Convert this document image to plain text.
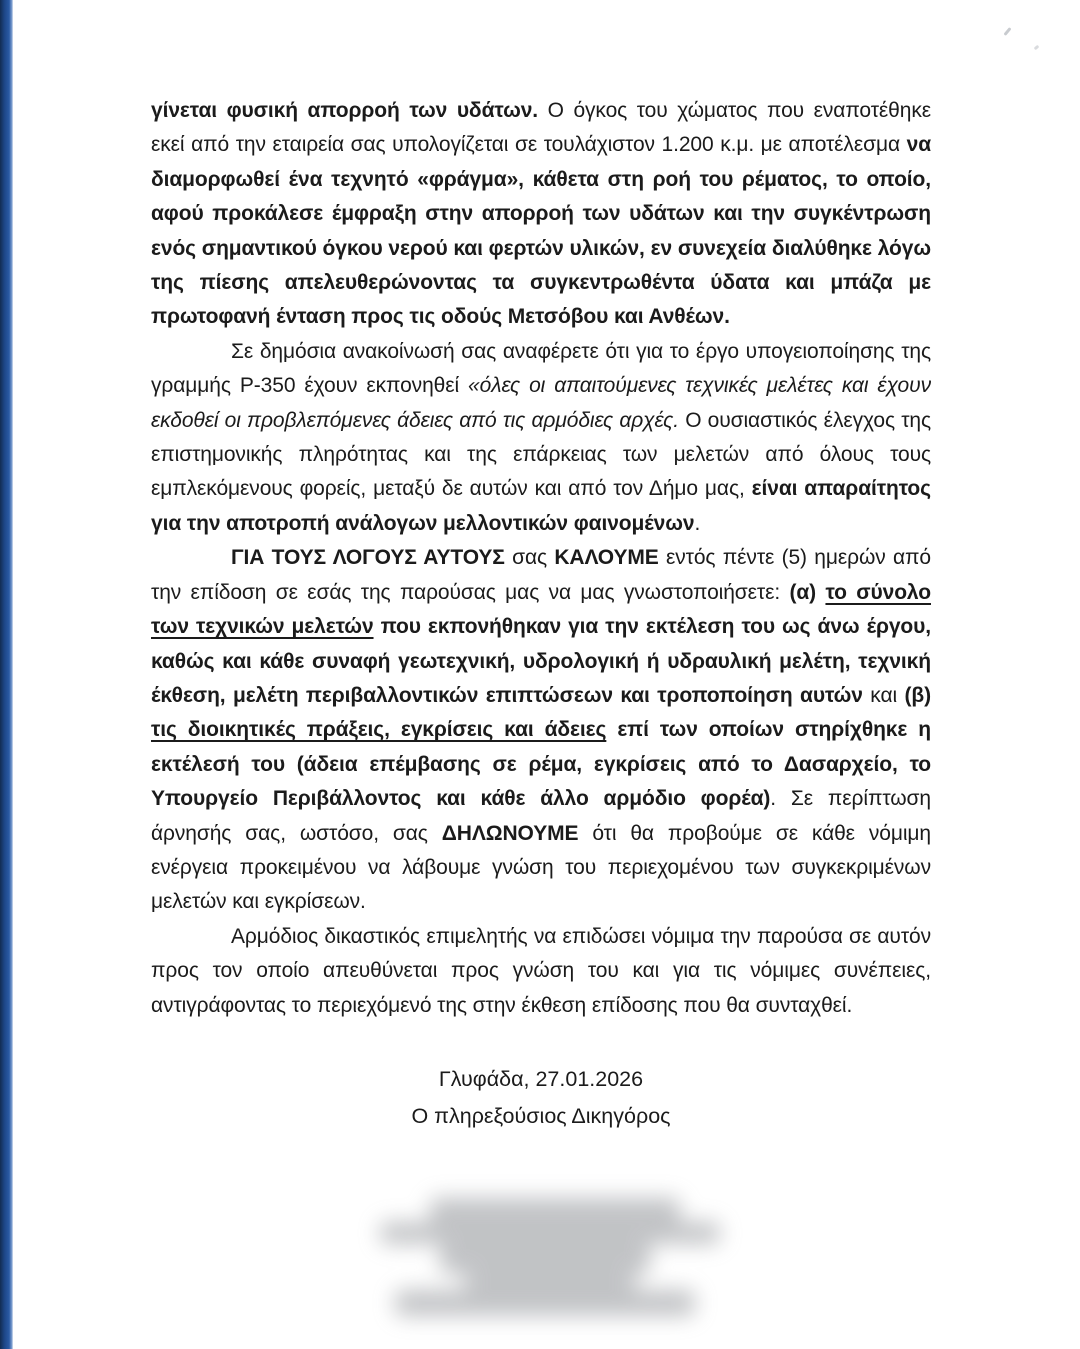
γίνεται φυσική απορροή των υδάτων. Ο όγκος του χώματος που εναποτέθηκε εκεί από την εταιρεία σας υπολογίζεται σε τουλάχιστον 1.200 κ.μ. με αποτέλεσμα να διαμορφωθεί ένα τεχνητό «φράγμα», κάθετα στη ροή του ρέματος, το οποίο, αφού προκάλεσε έμφραξη στην απορροή των υδάτων και την συγκέντρωση ενός σημαντικού όγκου νερού και φερτών υλικών, εν συνεχεία διαλύθηκε λόγω της πίεσης απελευθερώνοντας τα συγκεντρωθέντα ύδατα και μπάζα με πρωτοφανή ένταση προς τις οδούς Μετσόβου και Ανθέων.

Σε δημόσια ανακοίνωσή σας αναφέρετε ότι για το έργο υπογειοποίησης της γραμμής Ρ-350 έχουν εκπονηθεί «όλες οι απαιτούμενες τεχνικές μελέτες και έχουν εκδοθεί οι προβλεπόμενες άδειες από τις αρμόδιες αρχές. Ο ουσιαστικός έλεγχος της επιστημονικής πληρότητας και της επάρκειας των μελετών από όλους τους εμπλεκόμενους φορείς, μεταξύ δε αυτών και από τον Δήμο μας, είναι απαραίτητος για την αποτροπή ανάλογων μελλοντικών φαινομένων.

ΓΙΑ ΤΟΥΣ ΛΟΓΟΥΣ ΑΥΤΟΥΣ σας ΚΑΛΟΥΜΕ εντός πέντε (5) ημερών από την επίδοση σε εσάς της παρούσας μας να μας γνωστοποιήσετε: (α) το σύνολο των τεχνικών μελετών που εκπονήθηκαν για την εκτέλεση του ως άνω έργου, καθώς και κάθε συναφή γεωτεχνική, υδρολογική ή υδραυλική μελέτη, τεχνική έκθεση, μελέτη περιβαλλοντικών επιπτώσεων και τροποποίηση αυτών και (β) τις διοικητικές πράξεις, εγκρίσεις και άδειες επί των οποίων στηρίχθηκε η εκτέλεσή του (άδεια επέμβασης σε ρέμα, εγκρίσεις από το Δασαρχείο, το Υπουργείο Περιβάλλοντος και κάθε άλλο αρμόδιο φορέα). Σε περίπτωση άρνησής σας, ωστόσο, σας ΔΗΛΩΝΟΥΜΕ ότι θα προβούμε σε κάθε νόμιμη ενέργεια προκειμένου να λάβουμε γνώση του περιεχομένου των συγκεκριμένων μελετών και εγκρίσεων.

Αρμόδιος δικαστικός επιμελητής να επιδώσει νόμιμα την παρούσα σε αυτόν προς τον οποίο απευθύνεται προς γνώση του και για τις νόμιμες συνέπειες, αντιγράφοντας το περιεχόμενό της στην έκθεση επίδοσης που θα συνταχθεί.

Γλυφάδα, 27.01.2026
Ο πληρεξούσιος Δικηγόρος
